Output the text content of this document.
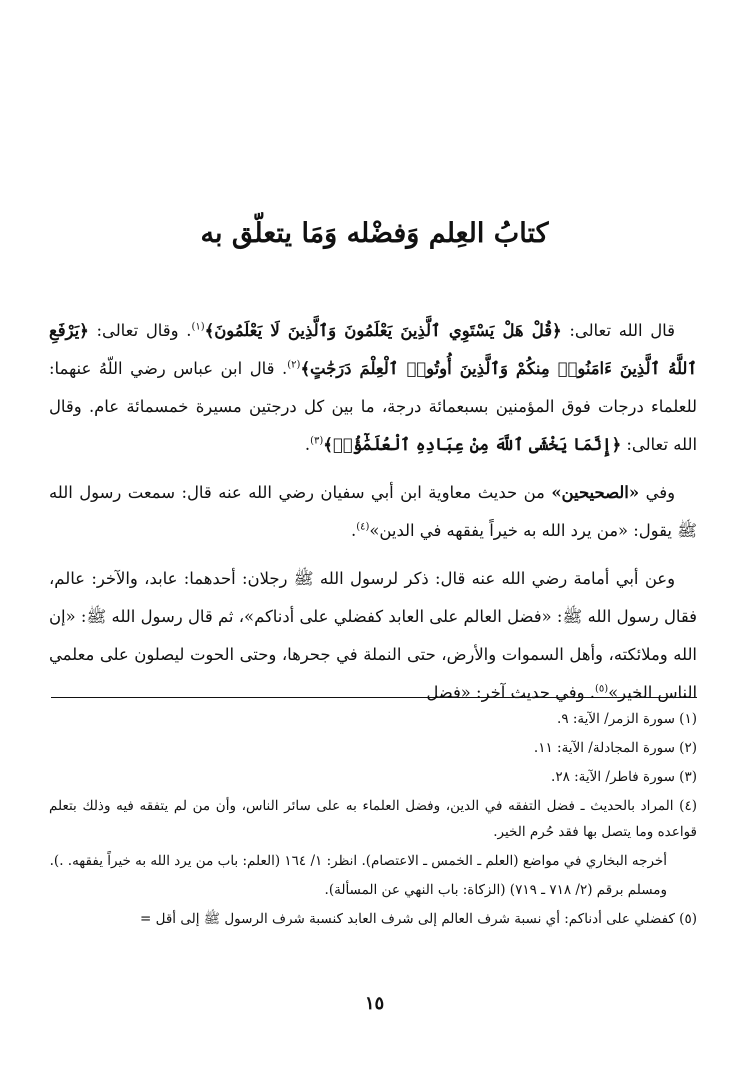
كتابُ العِلم وَفضْله وَمَا يتعلّق به

قال الله تعالى: ﴿قُلْ هَلْ يَسْتَوِي ٱلَّذِينَ يَعْلَمُونَ وَٱلَّذِينَ لَا يَعْلَمُونَ﴾$^{(١)}$. وقال تعالى: ﴿يَرْفَعِ ٱللَّهُ ٱلَّذِينَ ءَامَنُوا۟ مِنكُمْ وَٱلَّذِينَ أُوتُوا۟ ٱلْعِلْمَ دَرَجَٰتٍ﴾$^{(٢)}$. قال ابن عباس رضي اللّهُ عنهما: للعلماء درجات فوق المؤمنين بسبعمائة درجة، ما بين كل درجتين مسيرة خمسمائة عام. وقال الله تعالى: ﴿إِنَّمَا يَخْشَى ٱللَّهَ مِنْ عِبَادِهِ ٱلْعُلَمَٰٓؤُا۟﴾$^{(٣)}$.

وفي «الصحيحين» من حديث معاوية ابن أبي سفيان رضي الله عنه قال: سمعت رسول الله ﷺ يقول: «من يرد الله به خيراً يفقهه في الدين»$^{(٤)}$.

وعن أبي أمامة رضي الله عنه قال: ذكر لرسول الله ﷺ رجلان: أحدهما: عابد، والآخر: عالم، فقال رسول الله ﷺ: «فضل العالم على العابد كفضلي على أدناكم»، ثم قال رسول الله ﷺ: «إن الله وملائكته، وأهل السموات والأرض، حتى النملة في جحرها، وحتى الحوت ليصلون على معلمي الناس الخير»$^{(٥)}$. وفي حديث آخر: «فضل

(١) سورة الزمر/ الآية: ٩.

(٢) سورة المجادلة/ الآية: ١١.

(٣) سورة فاطر/ الآية: ٢٨.

(٤) المراد بالحديث ـ فضل التفقه في الدين، وفضل العلماء به على سائر الناس، وأن من لم يتفقه فيه وذلك بتعلم قواعده وما يتصل بها فقد حُرم الخير.

أخرجه البخاري في مواضع (العلم ـ الخمس ـ الاعتصام). انظر: ١/ ١٦٤ (العلم: باب من يرد الله به خيراً يفقهه. .).

ومسلم برقم (٢/ ٧١٨ ـ ٧١٩) (الزكاة: باب النهي عن المسألة).

(٥) كفضلي على أدناكم: أي نسبة شرف العالم إلى شرف العابد كنسبة شرف الرسول ﷺ إلى أقل =

١٥
